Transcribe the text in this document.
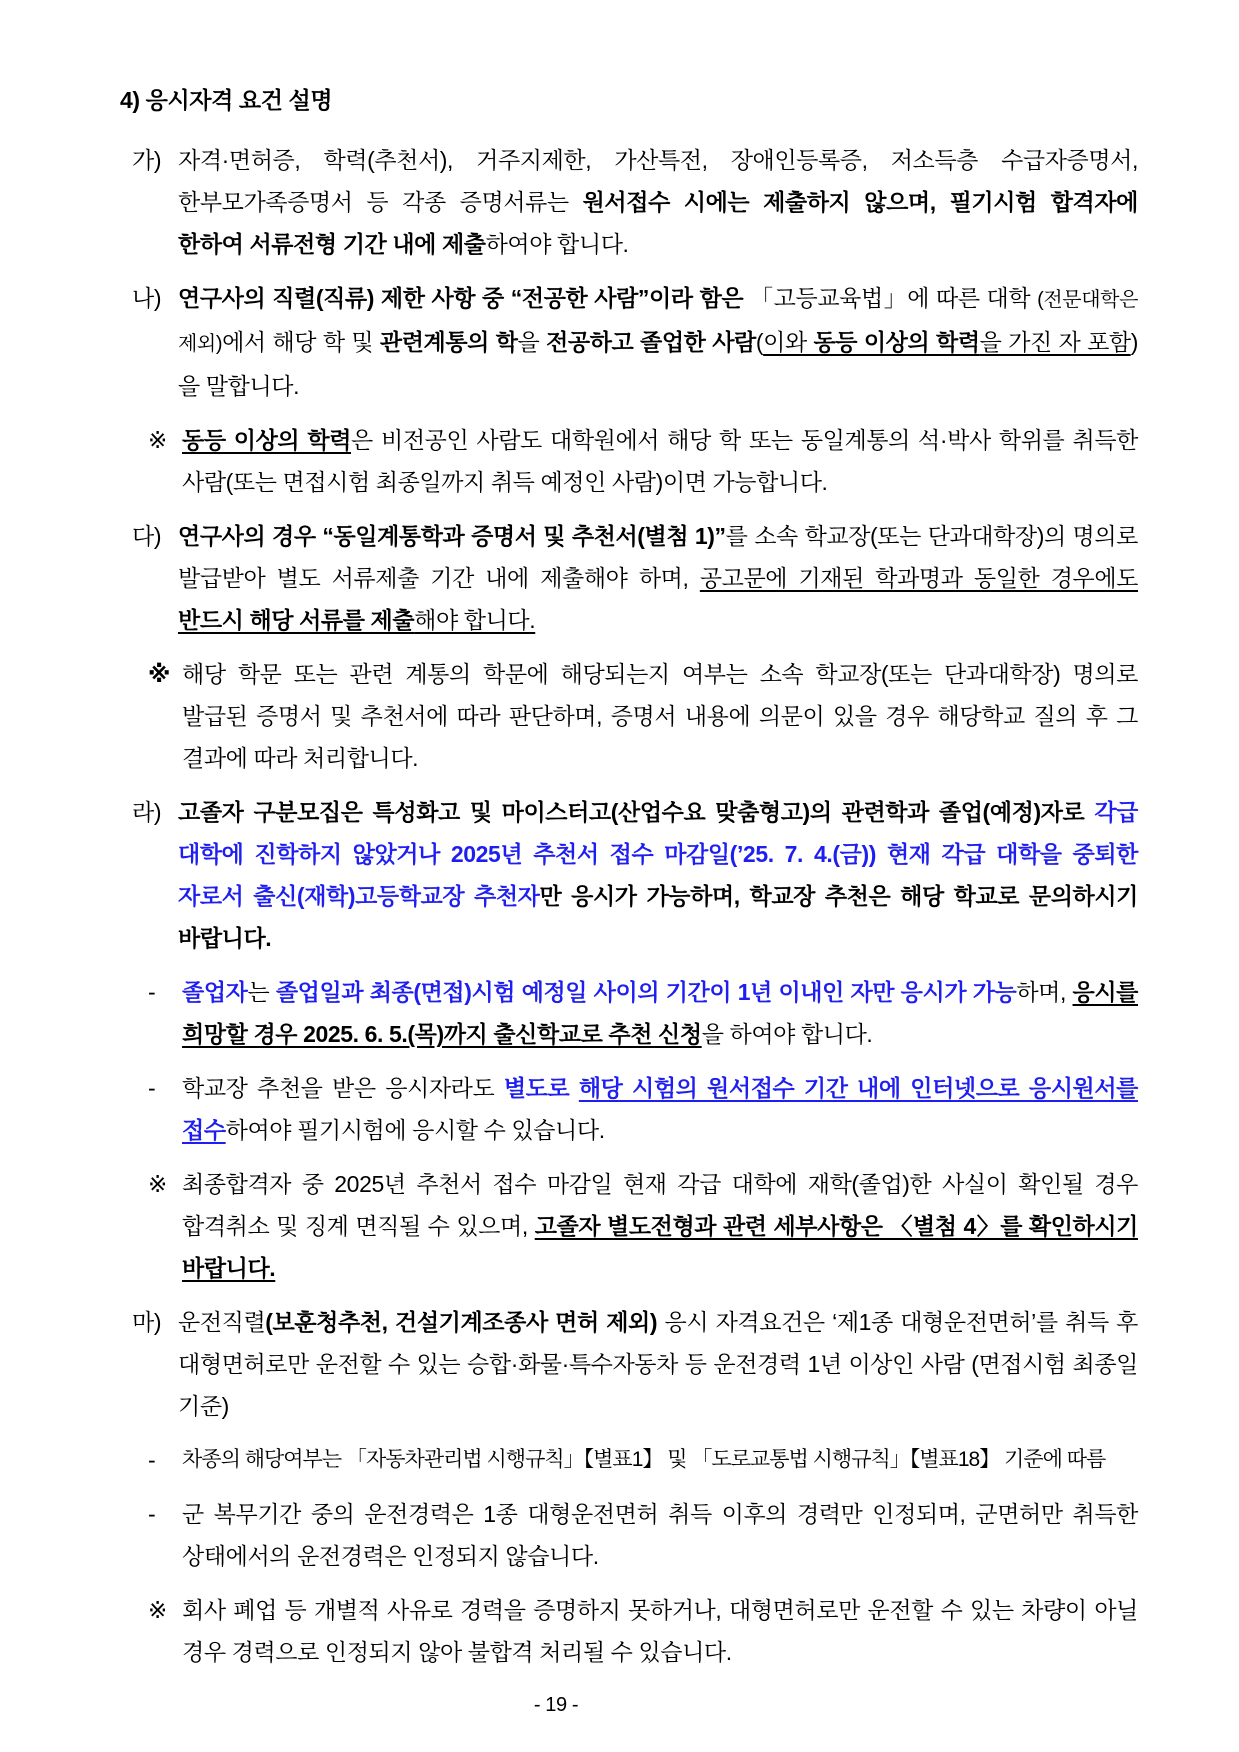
4) 응시자격 요건 설명
가) 자격·면허증, 학력(추천서), 거주지제한, 가산특전, 장애인등록증, 저소득층 수급자증명서, 한부모가족증명서 등 각종 증명서류는 원서접수 시에는 제출하지 않으며, 필기시험 합격자에 한하여 서류전형 기간 내에 제출하여야 합니다.
나) 연구사의 직렬(직류) 제한 사항 중 “전공한 사람”이라 함은 「고등교육법」에 따른 대학 (전문대학은 제외)에서 해당 학 및 관련계통의 학을 전공하고 졸업한 사람(이와 동등 이상의 학력을 가진 자 포함)을 말합니다.
※ 동등 이상의 학력은 비전공인 사람도 대학원에서 해당 학 또는 동일계통의 석·박사 학위를 취득한 사람(또는 면접시험 최종일까지 취득 예정인 사람)이면 가능합니다.
다) 연구사의 경우 “동일계통학과 증명서 및 추천서(별첨 1)”를 소속 학교장(또는 단과대학장)의 명의로 발급받아 별도 서류제출 기간 내에 제출해야 하며, 공고문에 기재된 학과명과 동일한 경우에도 반드시 해당 서류를 제출해야 합니다.
※ 해당 학문 또는 관련 계통의 학문에 해당되는지 여부는 소속 학교장(또는 단과대학장) 명의로 발급된 증명서 및 추천서에 따라 판단하며, 증명서 내용에 의문이 있을 경우 해당학교 질의 후 그 결과에 따라 처리합니다.
라) 고졸자 구분모집은 특성화고 및 마이스터고(산업수요 맞춤형고)의 관련학과 졸업(예정)자로 각급 대학에 진학하지 않았거나 2025년 추천서 접수 마감일(’25. 7. 4.(금)) 현재 각급 대학을 중퇴한 자로서 출신(재학)고등학교장 추천자만 응시가 가능하며, 학교장 추천은 해당 학교로 문의하시기 바랍니다.
-	졸업자는 졸업일과 최종(면접)시험 예정일 사이의 기간이 1년 이내인 자만 응시가 가능하며, 응시를 희망할 경우 2025. 6. 5.(목)까지 출신학교로 추천 신청을 하여야 합니다.
-	학교장 추천을 받은 응시자라도 별도로 해당 시험의 원서접수 기간 내에 인터넷으로 응시원서를 접수하여야 필기시험에 응시할 수 있습니다.
※ 최종합격자 중 2025년 추천서 접수 마감일 현재 각급 대학에 재학(졸업)한 사실이 확인될 경우 합격취소 및 징계 면직될 수 있으며, 고졸자 별도전형과 관련 세부사항은 〈별첨 4〉를 확인하시기 바랍니다.
마) 운전직렬(보훈청추천, 건설기계조종사 면허 제외) 응시 자격요건은 ‘제1종 대형운전면허’를 취득 후 대형면허로만 운전할 수 있는 승합·화물·특수자동차 등 운전경력 1년 이상인 사람 (면접시험 최종일 기준)
-	차종의 해당여부는 「자동차관리법 시행규칙」【별표1】 및 「도로교통법 시행규칙」【별표18】 기준에 따름
-	군 복무기간 중의 운전경력은 1종 대형운전면허 취득 이후의 경력만 인정되며, 군면허만 취득한 상태에서의 운전경력은 인정되지 않습니다.
※ 회사 폐업 등 개별적 사유로 경력을 증명하지 못하거나, 대형면허로만 운전할 수 있는 차량이 아닐 경우 경력으로 인정되지 않아 불합격 처리될 수 있습니다.
- 19 -
